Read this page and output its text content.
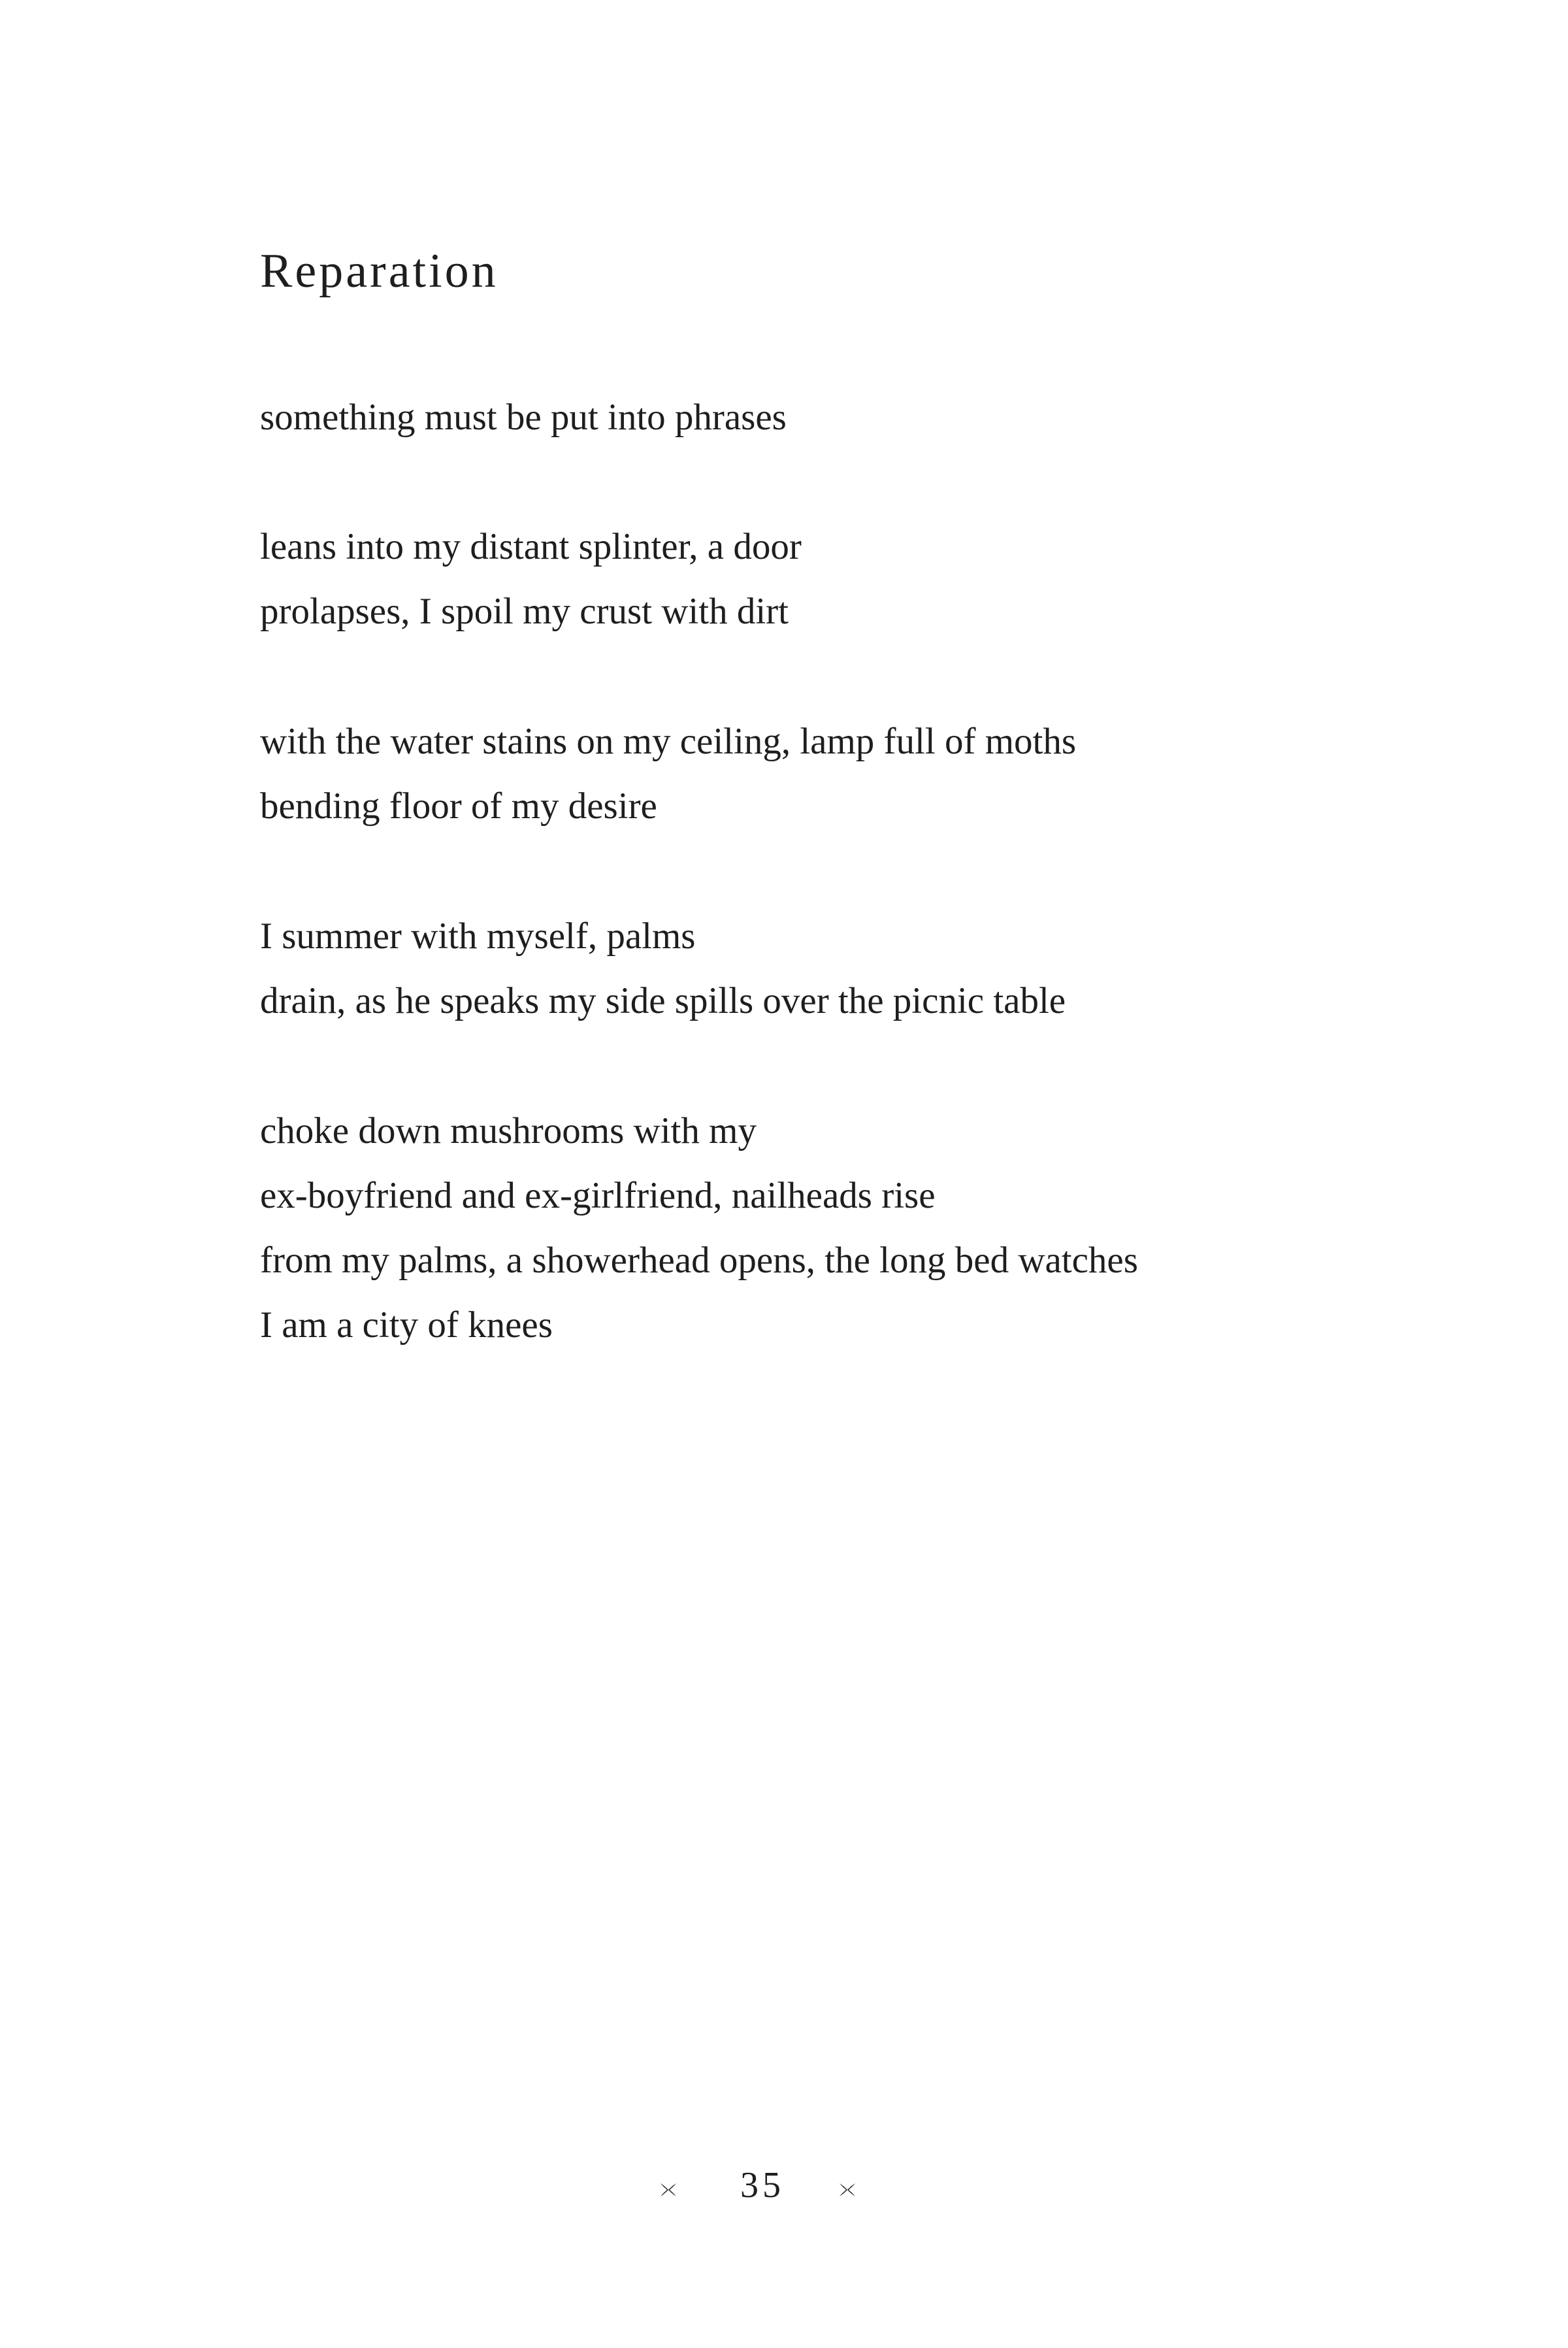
Reparation
something must be put into phrases
leans into my distant splinter, a door
prolapses, I spoil my crust with dirt
with the water stains on my ceiling, lamp full of moths
bending floor of my desire
I summer with myself, palms
drain, as he speaks my side spills over the picnic table
choke down mushrooms with my
ex-boyfriend and ex-girlfriend, nailheads rise
from my palms, a showerhead opens, the long bed watches
I am a city of knees
35
